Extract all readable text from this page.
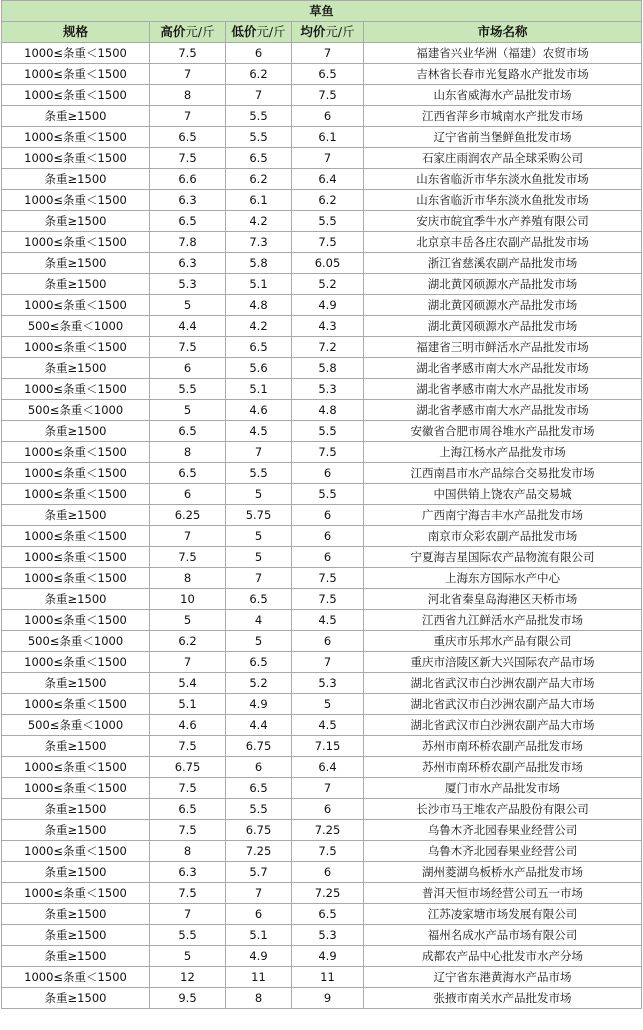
草鱼				
规格	高价元/斤	低价元/斤	均价元/斤	市场名称
1000≤条重＜1500	7.5	6	7	福建省兴业华洲（福建）农贸市场
1000≤条重＜1500	7	6.2	6.5	吉林省长春市光复路水产批发市场
1000≤条重＜1500	8	7	7.5	山东省威海水产品批发市场
条重≥1500	7	5.5	6	江西省萍乡市城南水产批发市场
1000≤条重＜1500	6.5	5.5	6.1	辽宁省前当堡鲜鱼批发市场
1000≤条重＜1500	7.5	6.5	7	石家庄雨润农产品全球采购公司
条重≥1500	6.6	6.2	6.4	山东省临沂市华东淡水鱼批发市场
1000≤条重＜1500	6.3	6.1	6.2	山东省临沂市华东淡水鱼批发市场
条重≥1500	6.5	4.2	5.5	安庆市皖宜季牛水产养殖有限公司
1000≤条重＜1500	7.8	7.3	7.5	北京京丰岳各庄农副产品批发市场
条重≥1500	6.3	5.8	6.05	浙江省慈溪农副产品批发市场
条重≥1500	5.3	5.1	5.2	湖北黄冈硕源水产品批发市场
1000≤条重＜1500	5	4.8	4.9	湖北黄冈硕源水产品批发市场
500≤条重＜1000	4.4	4.2	4.3	湖北黄冈硕源水产品批发市场
1000≤条重＜1500	7.5	6.5	7.2	福建省三明市鲜活水产品批发市场
条重≥1500	6	5.6	5.8	湖北省孝感市南大水产品批发市场
1000≤条重＜1500	5.5	5.1	5.3	湖北省孝感市南大水产品批发市场
500≤条重＜1000	5	4.6	4.8	湖北省孝感市南大水产品批发市场
条重≥1500	6.5	4.5	5.5	安徽省合肥市周谷堆水产品批发市场
1000≤条重＜1500	8	7	7.5	上海江杨水产品批发市场
1000≤条重＜1500	6.5	5.5	6	江西南昌市水产品综合交易批发市场
1000≤条重＜1500	6	5	5.5	中国供销上饶农产品交易城
条重≥1500	6.25	5.75	6	广西南宁海吉丰水产品批发市场
1000≤条重＜1500	7	5	6	南京市众彩农副产品批发市场
1000≤条重＜1500	7.5	5	6	宁夏海吉星国际农产品物流有限公司
1000≤条重＜1500	8	7	7.5	上海东方国际水产中心
条重≥1500	10	6.5	7.5	河北省秦皇岛海港区天桥市场
1000≤条重＜1500	5	4	4.5	江西省九江鲜活水产品批发市场
500≤条重＜1000	6.2	5	6	重庆市乐邦水产品有限公司
1000≤条重＜1500	7	6.5	7	重庆市涪陵区新大兴国际农产品市场
条重≥1500	5.4	5.2	5.3	湖北省武汉市白沙洲农副产品大市场
1000≤条重＜1500	5.1	4.9	5	湖北省武汉市白沙洲农副产品大市场
500≤条重＜1000	4.6	4.4	4.5	湖北省武汉市白沙洲农副产品大市场
条重≥1500	7.5	6.75	7.15	苏州市南环桥农副产品批发市场
1000≤条重＜1500	6.75	6	6.4	苏州市南环桥农副产品批发市场
1000≤条重＜1500	7.5	6.5	7	厦门市水产品批发市场
条重≥1500	6.5	5.5	6	长沙市马王堆农产品股份有限公司
条重≥1500	7.5	6.75	7.25	乌鲁木齐北园春果业经营公司
1000≤条重＜1500	8	7.25	7.5	乌鲁木齐北园春果业经营公司
条重≥1500	6.3	5.7	6	湖州菱湖乌板桥水产品批发市场
1000≤条重＜1500	7.5	7	7.25	普洱天恒市场经营公司五一市场
条重≥1500	7	6	6.5	江苏凌家塘市场发展有限公司
条重≥1500	5.5	5.1	5.3	福州名成水产品市场有限公司
条重≥1500	5	4.9	4.9	成都农产品中心批发市水产分场
1000≤条重＜1500	12	11	11	辽宁省东港黄海水产品市场
条重≥1500	9.5	8	9	张掖市南关水产品批发市场
